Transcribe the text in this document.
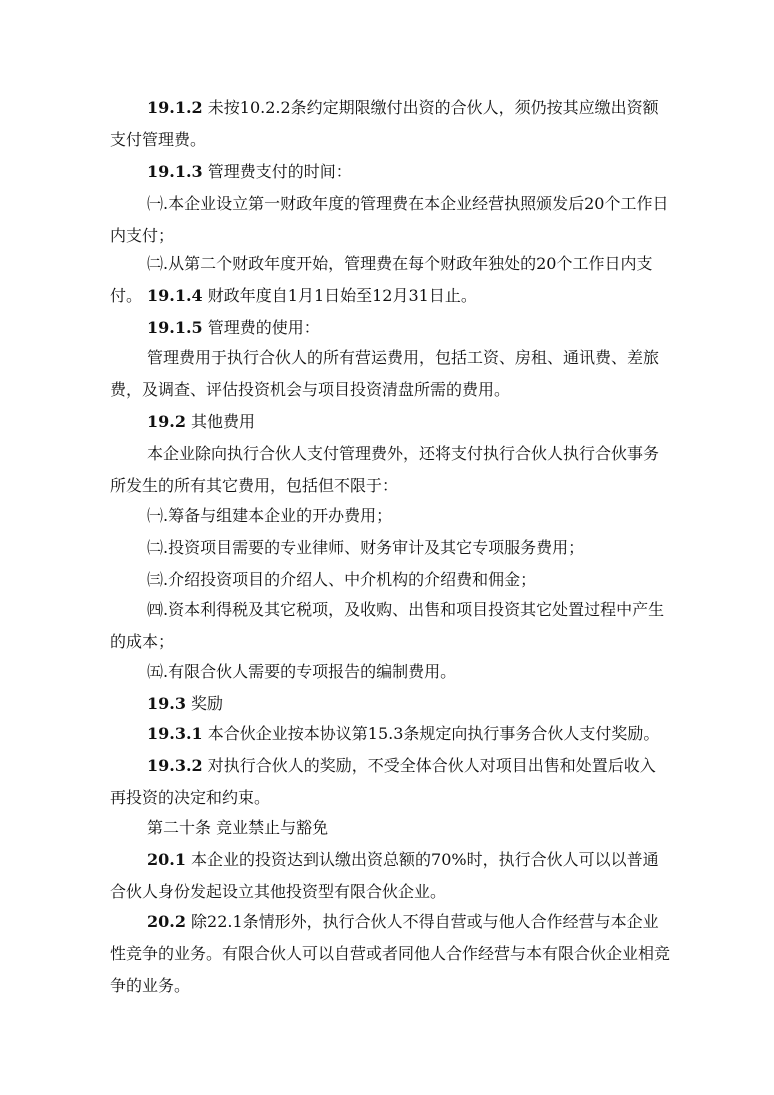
19.1.2 未按10.2.2条约定期限缴付出资的合伙人，须仍按其应缴出资额支付管理费。

19.1.3 管理费支付的时间：

㈠.本企业设立第一财政年度的管理费在本企业经营执照颁发后20个工作日内支付；

㈡.从第二个财政年度开始，管理费在每个财政年独处的20个工作日内支付。 19.1.4 财政年度自1月1日始至12月31日止。

19.1.5 管理费的使用：

管理费用于执行合伙人的所有营运费用，包括工资、房租、通讯费、差旅费，及调查、评估投资机会与项目投资清盘所需的费用。

19.2 其他费用

本企业除向执行合伙人支付管理费外，还将支付执行合伙人执行合伙事务所发生的所有其它费用，包括但不限于：

㈠.筹备与组建本企业的开办费用；

㈡.投资项目需要的专业律师、财务审计及其它专项服务费用；

㈢.介绍投资项目的介绍人、中介机构的介绍费和佣金；

㈣.资本利得税及其它税项，及收购、出售和项目投资其它处置过程中产生的成本；

㈤.有限合伙人需要的专项报告的编制费用。

19.3 奖励

19.3.1 本合伙企业按本协议第15.3条规定向执行事务合伙人支付奖励。

19.3.2 对执行合伙人的奖励，不受全体合伙人对项目出售和处置后收入再投资的决定和约束。

第二十条 竞业禁止与豁免

20.1 本企业的投资达到认缴出资总额的70%时，执行合伙人可以以普通合伙人身份发起设立其他投资型有限合伙企业。

20.2 除22.1条情形外，执行合伙人不得自营或与他人合作经营与本企业性竞争的业务。有限合伙人可以自营或者同他人合作经营与本有限合伙企业相竞争的业务。
